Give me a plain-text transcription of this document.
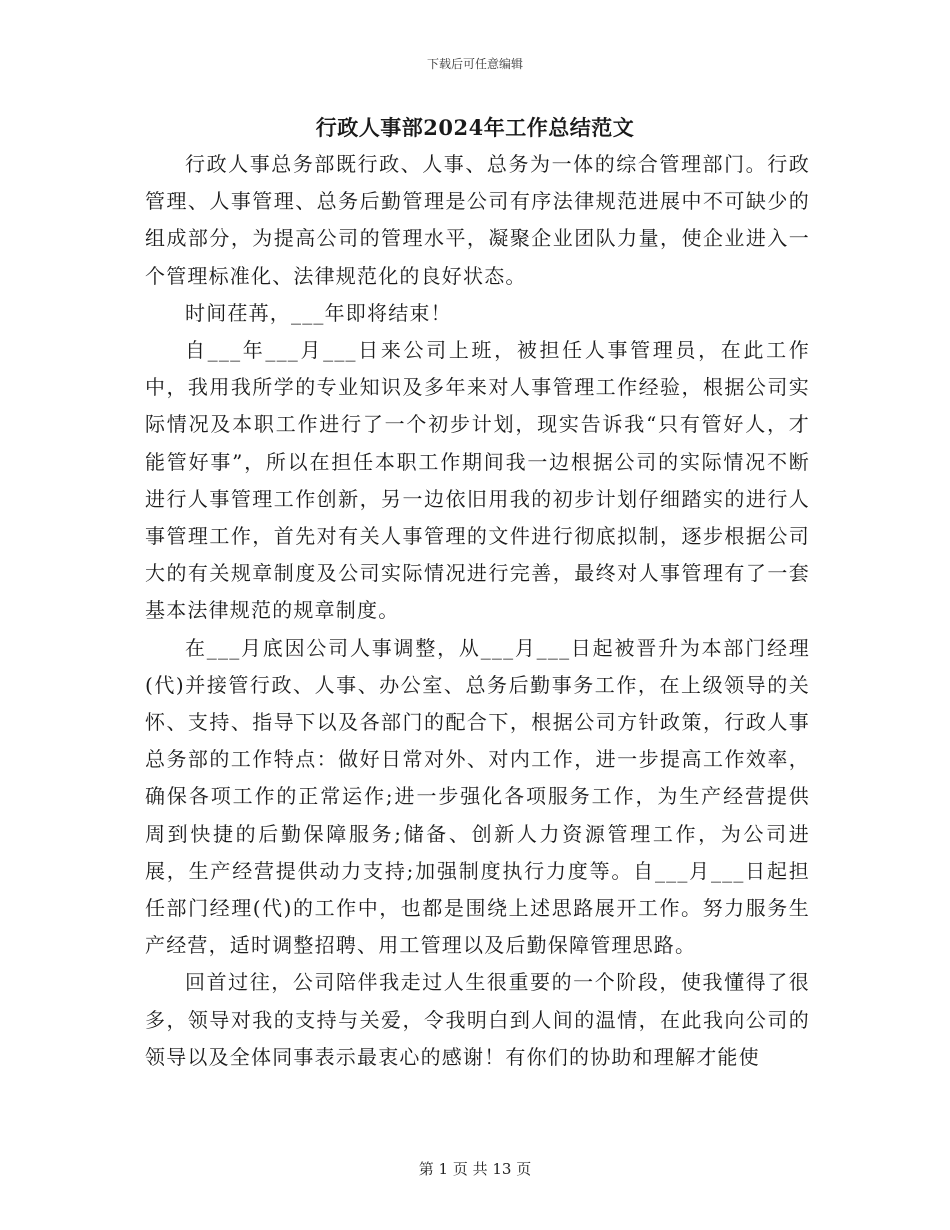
下载后可任意编辑
行政人事部2024年工作总结范文

行政人事总务部既行政、人事、总务为一体的综合管理部门。行政管理、人事管理、总务后勤管理是公司有序法律规范进展中不可缺少的组成部分，为提高公司的管理水平，凝聚企业团队力量，使企业进入一个管理标准化、法律规范化的良好状态。

时间荏苒，___年即将结束！

自___年___月___日来公司上班，被担任人事管理员，在此工作中，我用我所学的专业知识及多年来对人事管理工作经验，根据公司实际情况及本职工作进行了一个初步计划，现实告诉我“只有管好人，才能管好事”，所以在担任本职工作期间我一边根据公司的实际情况不断进行人事管理工作创新，另一边依旧用我的初步计划仔细踏实的进行人事管理工作，首先对有关人事管理的文件进行彻底拟制，逐步根据公司大的有关规章制度及公司实际情况进行完善，最终对人事管理有了一套基本法律规范的规章制度。

在___月底因公司人事调整，从___月___日起被晋升为本部门经理(代)并接管行政、人事、办公室、总务后勤事务工作，在上级领导的关怀、支持、指导下以及各部门的配合下，根据公司方针政策，行政人事总务部的工作特点：做好日常对外、对内工作，进一步提高工作效率，确保各项工作的正常运作;进一步强化各项服务工作，为生产经营提供周到快捷的后勤保障服务;储备、创新人力资源管理工作，为公司进展，生产经营提供动力支持;加强制度执行力度等。自___月___日起担任部门经理(代)的工作中，也都是围绕上述思路展开工作。努力服务生产经营，适时调整招聘、用工管理以及后勤保障管理思路。

回首过往，公司陪伴我走过人生很重要的一个阶段，使我懂得了很多，领导对我的支持与关爱，令我明白到人间的温情，在此我向公司的领导以及全体同事表示最衷心的感谢！有你们的协助和理解才能使

第 1 页 共 13 页
